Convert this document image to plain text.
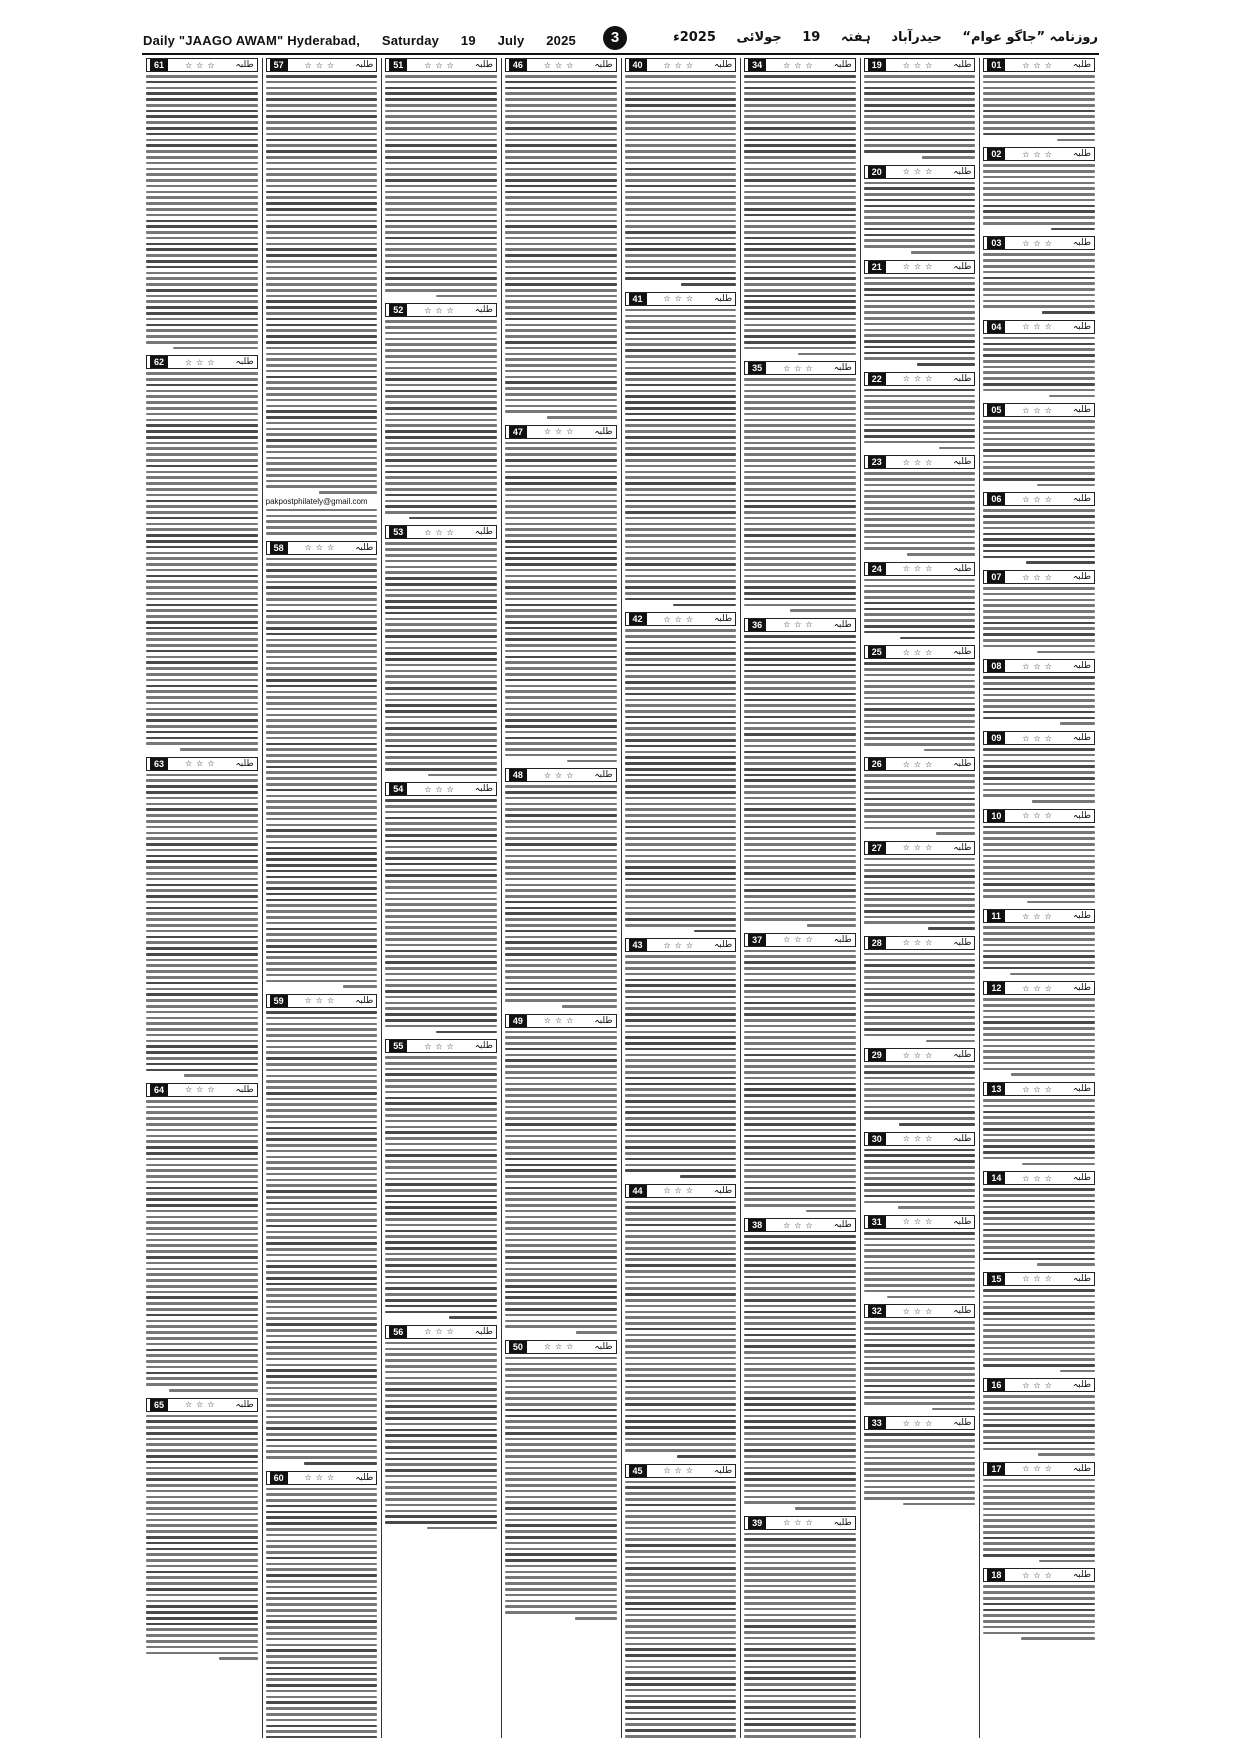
Daily "JAAGO AWAM" Hyderabad, Saturday 19 July 2025	3	روزنامہ ”جاگو عوام“ حیدرآباد ہفتہ 19 جولائی 2025ء
01	☆☆☆ طلبہ
02	☆☆☆ طلبہ
03	☆☆☆ طلبہ
04	☆☆☆ طلبہ
05	☆☆☆ طلبہ
06	☆☆☆ طلبہ
07	☆☆☆ طلبہ
08	☆☆☆ طلبہ
09	☆☆☆ طلبہ
10	☆☆☆ طلبہ
11	☆☆☆ طلبہ
12	☆☆☆ طلبہ
13	☆☆☆ طلبہ
14	☆☆☆ طلبہ
15	☆☆☆ طلبہ
16	☆☆☆ طلبہ
17	☆☆☆ طلبہ
18	☆☆☆ طلبہ
19	☆☆☆ طلبہ
20	☆☆☆ طلبہ
21	☆☆☆ طلبہ
22	☆☆☆ طلبہ
23	☆☆☆ طلبہ
24	☆☆☆ طلبہ
25	☆☆☆ طلبہ
26	☆☆☆ طلبہ
27	☆☆☆ طلبہ
28	☆☆☆ طلبہ
29	☆☆☆ طلبہ
30	☆☆☆ طلبہ
31	☆☆☆ طلبہ
32	☆☆☆ طلبہ
33	☆☆☆ طلبہ
34	☆☆☆ طلبہ
35	☆☆☆ طلبہ
36	☆☆☆ طلبہ
37	☆☆☆ طلبہ
38	☆☆☆ طلبہ
39	☆☆☆ طلبہ
40	☆☆☆ طلبہ
41	☆☆☆ طلبہ
42	☆☆☆ طلبہ
43	☆☆☆ طلبہ
44	☆☆☆ طلبہ
45	☆☆☆ طلبہ
46	☆☆☆ طلبہ
47	☆☆☆ طلبہ
48	☆☆☆ طلبہ
49	☆☆☆ طلبہ
50	☆☆☆ طلبہ
51	☆☆☆ طلبہ
52	☆☆☆ طلبہ
53	☆☆☆ طلبہ
54	☆☆☆ طلبہ
55	☆☆☆ طلبہ
56	☆☆☆ طلبہ
57	☆☆☆ طلبہ
pakpostphilately@gmail.com
58	☆☆☆ طلبہ
59	☆☆☆ طلبہ
60	☆☆☆ طلبہ
61	☆☆☆ طلبہ
62	☆☆☆ طلبہ
63	☆☆☆ طلبہ
64	☆☆☆ طلبہ
65	☆☆☆ طلبہ
